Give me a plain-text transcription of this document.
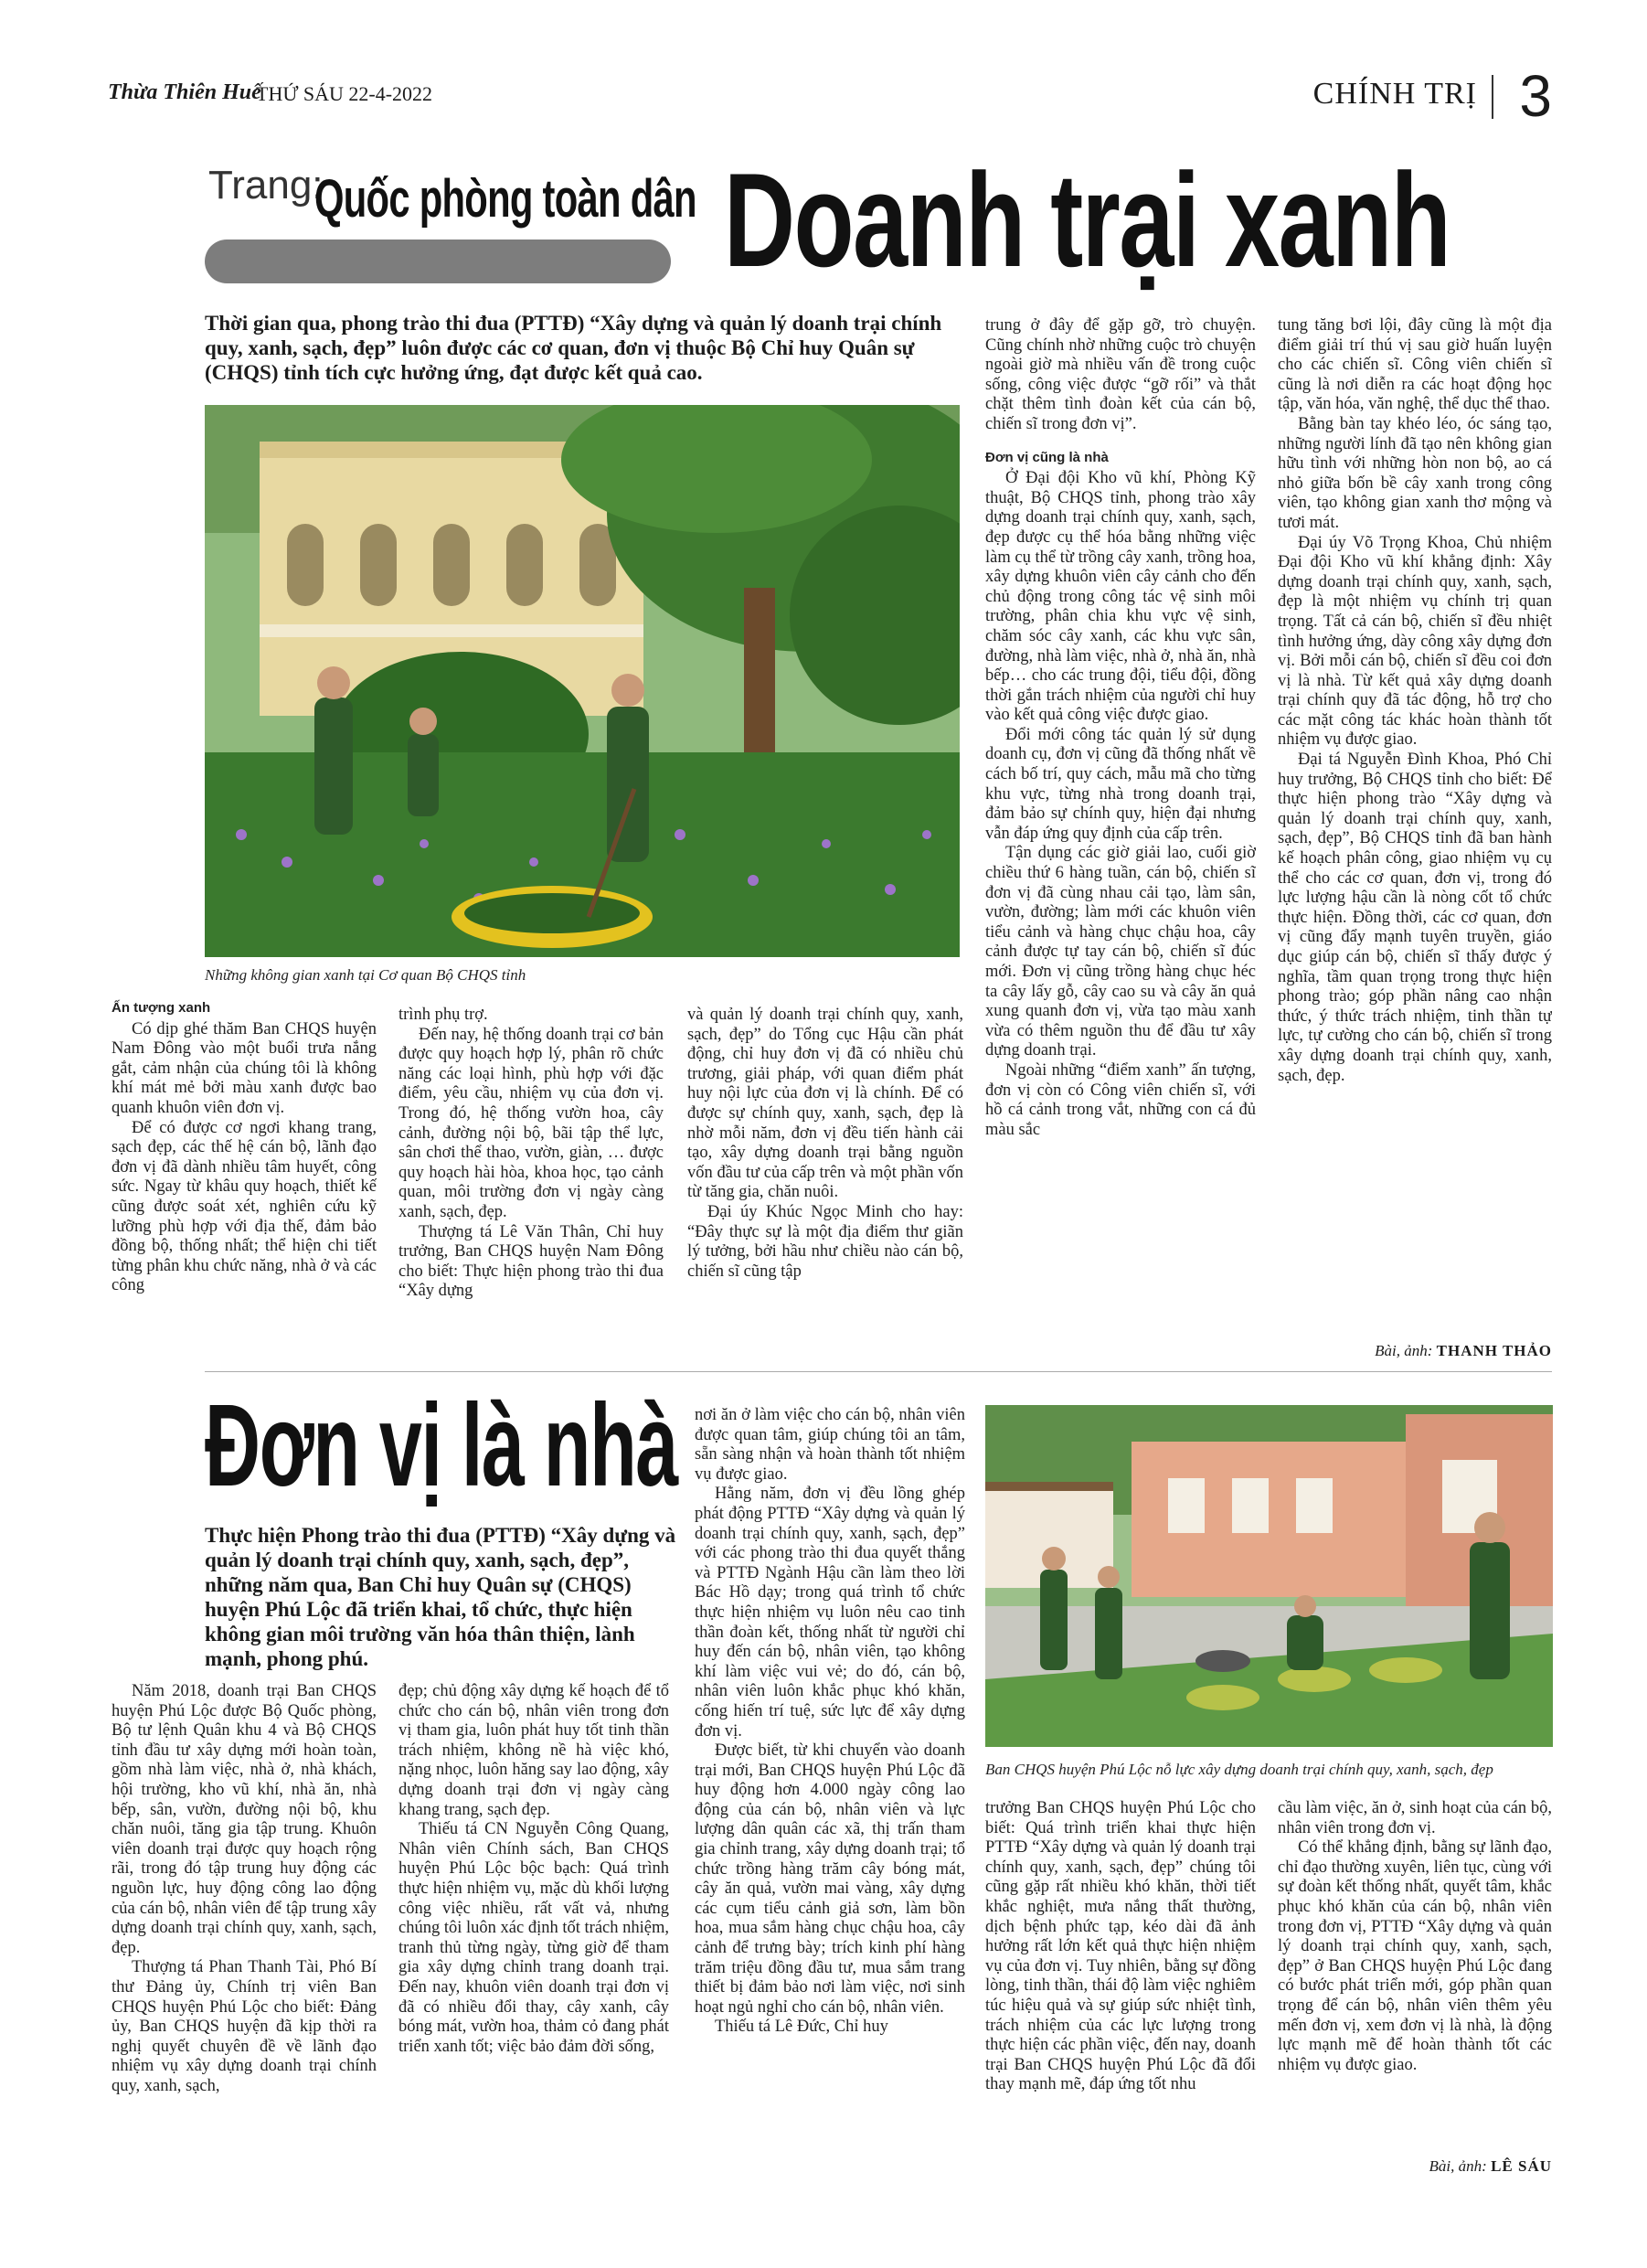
Thừa Thiên Huế
THỨ SÁU 22-4-2022	CHÍNH TRỊ 3
Trang:
Quốc phòng toàn dân Doanh trại xanh
Thời gian qua, phong trào thi đua (PTTĐ) “Xây dựng và quản lý doanh trại chính quy, xanh, sạch, đẹp” luôn được các cơ quan, đơn vị thuộc Bộ Chỉ huy Quân sự (CHQS) tỉnh tích cực hưởng ứng, đạt được kết quả cao.
Những không gian xanh tại Cơ quan Bộ CHQS tỉnh

Ấn tượng xanh

Có dịp ghé thăm Ban CHQS huyện Nam Đông vào một buổi trưa nắng gắt, cảm nhận của chúng tôi là không khí mát mẻ bởi màu xanh được bao quanh khuôn viên đơn vị.

Để có được cơ ngơi khang trang, sạch đẹp, các thế hệ cán bộ, lãnh đạo đơn vị đã dành nhiều tâm huyết, công sức. Ngay từ khâu quy hoạch, thiết kế cũng được soát xét, nghiên cứu kỹ lưỡng phù hợp với địa thế, đảm bảo đồng bộ, thống nhất; thể hiện chi tiết từng phân khu chức năng, nhà ở và các công

trình phụ trợ.

Đến nay, hệ thống doanh trại cơ bản được quy hoạch hợp lý, phân rõ chức năng các loại hình, phù hợp với đặc điểm, yêu cầu, nhiệm vụ của đơn vị. Trong đó, hệ thống vườn hoa, cây cảnh, đường nội bộ, bãi tập thể lực, sân chơi thể thao, vườn, giàn, … được quy hoạch hài hòa, khoa học, tạo cảnh quan, môi trường đơn vị ngày càng xanh, sạch, đẹp.

Thượng tá Lê Văn Thân, Chỉ huy trưởng, Ban CHQS huyện Nam Đông cho biết: Thực hiện phong trào thi đua “Xây dựng

và quản lý doanh trại chính quy, xanh, sạch, đẹp” do Tổng cục Hậu cần phát động, chỉ huy đơn vị đã có nhiều chủ trương, giải pháp, với quan điểm phát huy nội lực của đơn vị là chính. Để có được sự chính quy, xanh, sạch, đẹp là nhờ mỗi năm, đơn vị đều tiến hành cải tạo, xây dựng doanh trại bằng nguồn vốn đầu tư của cấp trên và một phần vốn từ tăng gia, chăn nuôi.

Đại úy Khúc Ngọc Minh cho hay: “Đây thực sự là một địa điểm thư giãn lý tưởng, bởi hầu như chiều nào cán bộ, chiến sĩ cũng tập

trung ở đây để gặp gỡ, trò chuyện. Cũng chính nhờ những cuộc trò chuyện ngoài giờ mà nhiều vấn đề trong cuộc sống, công việc được “gỡ rối” và thắt chặt thêm tình đoàn kết của cán bộ, chiến sĩ trong đơn vị”.

Đơn vị cũng là nhà

Ở Đại đội Kho vũ khí, Phòng Kỹ thuật, Bộ CHQS tỉnh, phong trào xây dựng doanh trại chính quy, xanh, sạch, đẹp được cụ thể hóa bằng những việc làm cụ thể từ trồng cây xanh, trồng hoa, xây dựng khuôn viên cây cảnh cho đến chủ động trong công tác vệ sinh môi trường, phân chia khu vực vệ sinh, chăm sóc cây xanh, các khu vực sân, đường, nhà làm việc, nhà ở, nhà ăn, nhà bếp… cho các trung đội, tiểu đội, đồng thời gắn trách nhiệm của người chỉ huy vào kết quả công việc được giao.

Đổi mới công tác quản lý sử dụng doanh cụ, đơn vị cũng đã thống nhất về cách bố trí, quy cách, mẫu mã cho từng khu vực, từng nhà trong doanh trại, đảm bảo sự chính quy, hiện đại nhưng vẫn đáp ứng quy định của cấp trên.

Tận dụng các giờ giải lao, cuối giờ chiều thứ 6 hàng tuần, cán bộ, chiến sĩ đơn vị đã cùng nhau cải tạo, làm sân, vườn, đường; làm mới các khuôn viên tiểu cảnh và hàng chục chậu hoa, cây cảnh được tự tay cán bộ, chiến sĩ đúc mới. Đơn vị cũng trồng hàng chục héc ta cây lấy gỗ, cây cao su và cây ăn quả xung quanh đơn vị, vừa tạo màu xanh vừa có thêm nguồn thu để đầu tư xây dựng doanh trại.

Ngoài những “điểm xanh” ấn tượng, đơn vị còn có Công viên chiến sĩ, với hồ cá cảnh trong vắt, những con cá đủ màu sắc

tung tăng bơi lội, đây cũng là một địa điểm giải trí thú vị sau giờ huấn luyện cho các chiến sĩ. Công viên chiến sĩ cũng là nơi diễn ra các hoạt động học tập, văn hóa, văn nghệ, thể dục thể thao.

Bằng bàn tay khéo léo, óc sáng tạo, những người lính đã tạo nên không gian hữu tình với những hòn non bộ, ao cá nhỏ giữa bốn bề cây xanh trong công viên, tạo không gian xanh thơ mộng và tươi mát.

Đại úy Võ Trọng Khoa, Chủ nhiệm Đại đội Kho vũ khí khẳng định: Xây dựng doanh trại chính quy, xanh, sạch, đẹp là một nhiệm vụ chính trị quan trọng. Tất cả cán bộ, chiến sĩ đều nhiệt tình hưởng ứng, dày công xây dựng đơn vị. Bởi mỗi cán bộ, chiến sĩ đều coi đơn vị là nhà. Từ kết quả xây dựng doanh trại chính quy đã tác động, hỗ trợ cho các mặt công tác khác hoàn thành tốt nhiệm vụ được giao.

Đại tá Nguyễn Đình Khoa, Phó Chỉ huy trưởng, Bộ CHQS tỉnh cho biết: Để thực hiện phong trào “Xây dựng và quản lý doanh trại chính quy, xanh, sạch, đẹp”, Bộ CHQS tỉnh đã ban hành kế hoạch phân công, giao nhiệm vụ cụ thể cho các cơ quan, đơn vị, trong đó lực lượng hậu cần là nòng cốt tổ chức thực hiện. Đồng thời, các cơ quan, đơn vị cũng đẩy mạnh tuyên truyền, giáo dục giúp cán bộ, chiến sĩ thấy được ý nghĩa, tầm quan trọng trong thực hiện phong trào; góp phần nâng cao nhận thức, ý thức trách nhiệm, tinh thần tự lực, tự cường cho cán bộ, chiến sĩ trong xây dựng doanh trại chính quy, xanh, sạch, đẹp.

Bài, ảnh: THANH THẢO
Đơn vị là nhà
Thực hiện Phong trào thi đua (PTTĐ) “Xây dựng và quản lý doanh trại chính quy, xanh, sạch, đẹp”, những năm qua, Ban Chỉ huy Quân sự (CHQS) huyện Phú Lộc đã triển khai, tổ chức, thực hiện không gian môi trường văn hóa thân thiện, lành mạnh, phong phú.
Ban CHQS huyện Phú Lộc nỗ lực xây dựng doanh trại chính quy, xanh, sạch, đẹp

Năm 2018, doanh trại Ban CHQS huyện Phú Lộc được Bộ Quốc phòng, Bộ tư lệnh Quân khu 4 và Bộ CHQS tỉnh đầu tư xây dựng mới hoàn toàn, gồm nhà làm việc, nhà ở, nhà khách, hội trường, kho vũ khí, nhà ăn, nhà bếp, sân, vườn, đường nội bộ, khu chăn nuôi, tăng gia tập trung. Khuôn viên doanh trại được quy hoạch rộng rãi, trong đó tập trung huy động các nguồn lực, huy động công lao động của cán bộ, nhân viên để tập trung xây dựng doanh trại chính quy, xanh, sạch, đẹp.

Thượng tá Phan Thanh Tài, Phó Bí thư Đảng ủy, Chính trị viên Ban CHQS huyện Phú Lộc cho biết: Đảng ủy, Ban CHQS huyện đã kịp thời ra nghị quyết chuyên đề về lãnh đạo nhiệm vụ xây dựng doanh trại chính quy, xanh, sạch,

đẹp; chủ động xây dựng kế hoạch để tổ chức cho cán bộ, nhân viên trong đơn vị tham gia, luôn phát huy tốt tinh thần trách nhiệm, không nề hà việc khó, nặng nhọc, luôn hăng say lao động, xây dựng doanh trại đơn vị ngày càng khang trang, sạch đẹp.

Thiếu tá CN Nguyễn Công Quang, Nhân viên Chính sách, Ban CHQS huyện Phú Lộc bộc bạch: Quá trình thực hiện nhiệm vụ, mặc dù khối lượng công việc nhiều, rất vất vả, nhưng chúng tôi luôn xác định tốt trách nhiệm, tranh thủ từng ngày, từng giờ để tham gia xây dựng chỉnh trang doanh trại. Đến nay, khuôn viên doanh trại đơn vị đã có nhiều đổi thay, cây xanh, cây bóng mát, vườn hoa, thảm cỏ đang phát triển xanh tốt; việc bảo đảm đời sống,

nơi ăn ở làm việc cho cán bộ, nhân viên được quan tâm, giúp chúng tôi an tâm, sẵn sàng nhận và hoàn thành tốt nhiệm vụ được giao.

Hằng năm, đơn vị đều lồng ghép phát động PTTĐ “Xây dựng và quản lý doanh trại chính quy, xanh, sạch, đẹp” với các phong trào thi đua quyết thắng và PTTĐ Ngành Hậu cần làm theo lời Bác Hồ dạy; trong quá trình tổ chức thực hiện nhiệm vụ luôn nêu cao tinh thần đoàn kết, thống nhất từ người chỉ huy đến cán bộ, nhân viên, tạo không khí làm việc vui vẻ; do đó, cán bộ, nhân viên luôn khắc phục khó khăn, cống hiến trí tuệ, sức lực để xây dựng đơn vị.

Được biết, từ khi chuyển vào doanh trại mới, Ban CHQS huyện Phú Lộc đã huy động hơn 4.000 ngày công lao động của cán bộ, nhân viên và lực lượng dân quân các xã, thị trấn tham gia chỉnh trang, xây dựng doanh trại; tổ chức trồng hàng trăm cây bóng mát, cây ăn quả, vườn mai vàng, xây dựng các cụm tiểu cảnh giả sơn, làm bồn hoa, mua sắm hàng chục chậu hoa, cây cảnh để trưng bày; trích kinh phí hàng trăm triệu đồng đầu tư, mua sắm trang thiết bị đảm bảo nơi làm việc, nơi sinh hoạt ngủ nghỉ cho cán bộ, nhân viên.

Thiếu tá Lê Đức, Chỉ huy

trưởng Ban CHQS huyện Phú Lộc cho biết: Quá trình triển khai thực hiện PTTĐ “Xây dựng và quản lý doanh trại chính quy, xanh, sạch, đẹp” chúng tôi cũng gặp rất nhiều khó khăn, thời tiết khắc nghiệt, mưa nắng thất thường, dịch bệnh phức tạp, kéo dài đã ảnh hưởng rất lớn kết quả thực hiện nhiệm vụ của đơn vị. Tuy nhiên, bằng sự đồng lòng, tinh thần, thái độ làm việc nghiêm túc hiệu quả và sự giúp sức nhiệt tình, trách nhiệm của các lực lượng trong thực hiện các phần việc, đến nay, doanh trại Ban CHQS huyện Phú Lộc đã đổi thay mạnh mẽ, đáp ứng tốt nhu

cầu làm việc, ăn ở, sinh hoạt của cán bộ, nhân viên trong đơn vị.

Có thể khẳng định, bằng sự lãnh đạo, chỉ đạo thường xuyên, liên tục, cùng với sự đoàn kết thống nhất, quyết tâm, khắc phục khó khăn của cán bộ, nhân viên trong đơn vị, PTTĐ “Xây dựng và quản lý doanh trại chính quy, xanh, sạch, đẹp” ở Ban CHQS huyện Phú Lộc đang có bước phát triển mới, góp phần quan trọng để cán bộ, nhân viên thêm yêu mến đơn vị, xem đơn vị là nhà, là động lực mạnh mẽ để hoàn thành tốt các nhiệm vụ được giao.

Bài, ảnh: LÊ SÁU
